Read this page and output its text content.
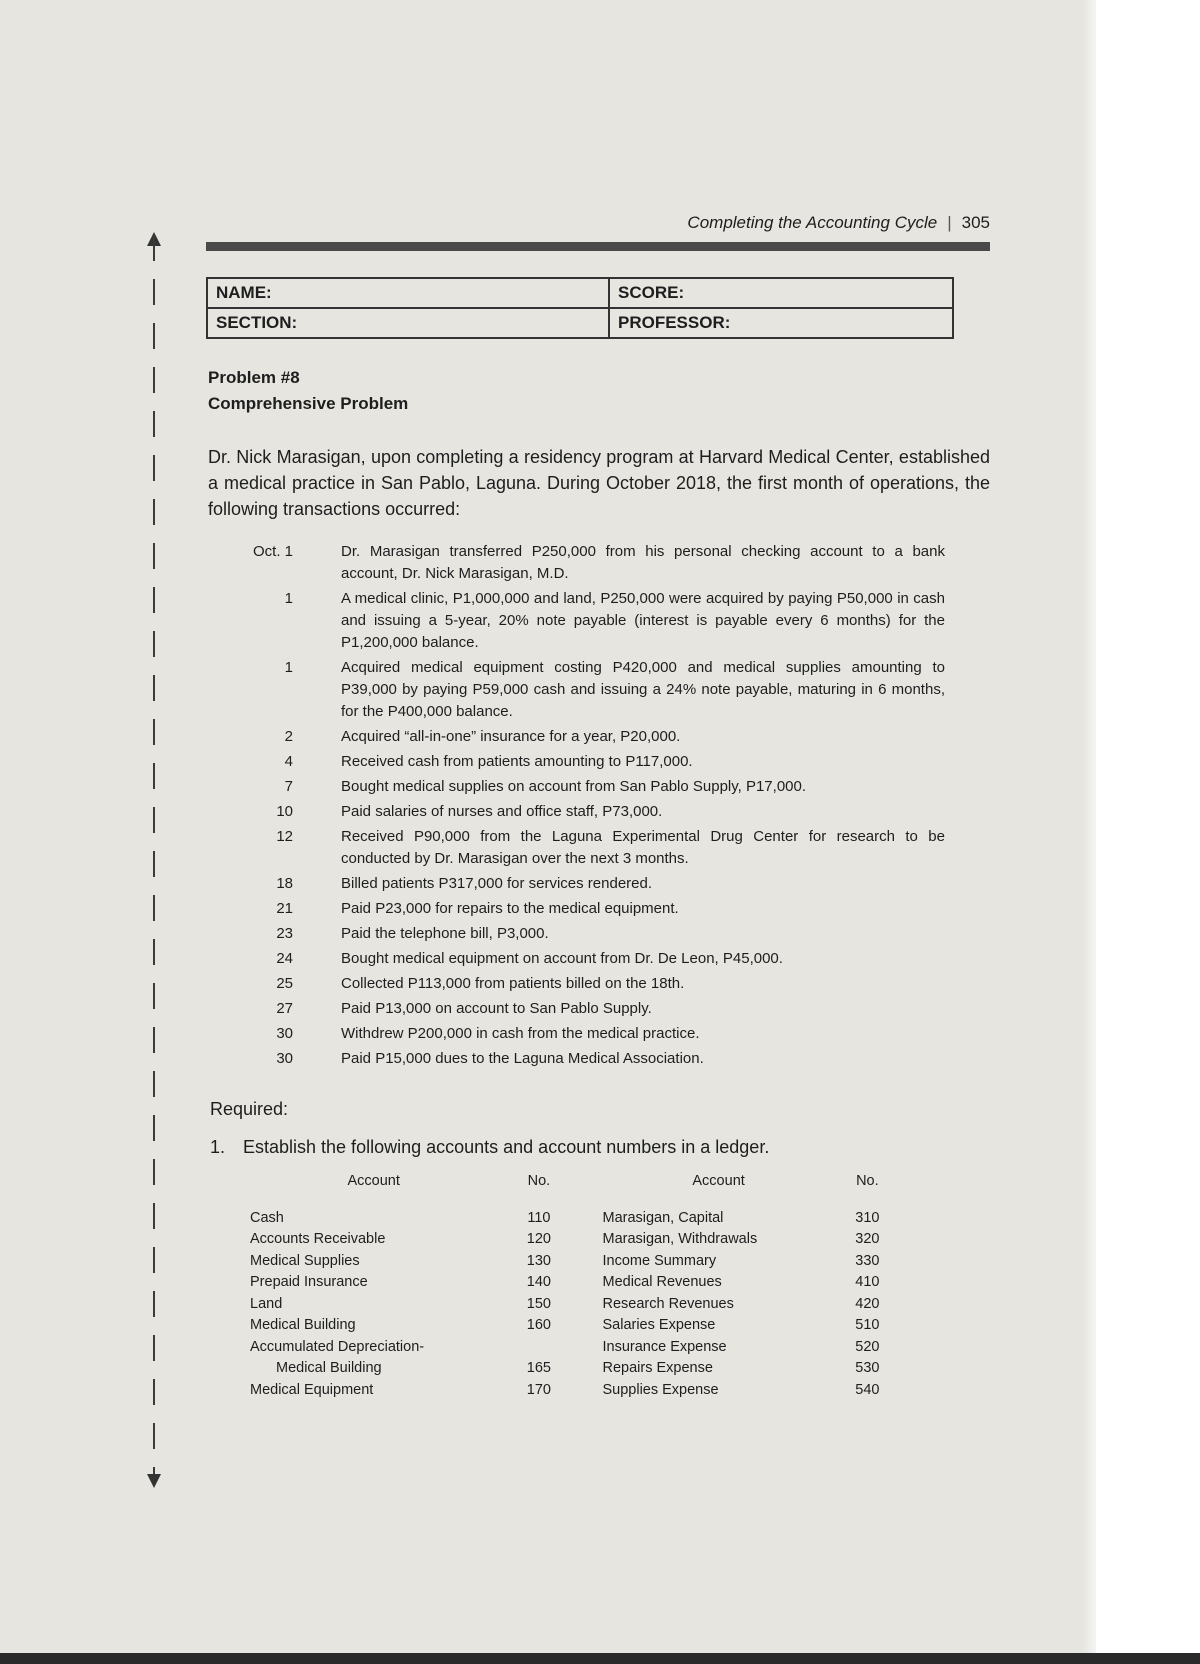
Completing the Accounting Cycle | 305
NAME:	SCORE:
SECTION:	PROFESSOR:
Problem #8
Comprehensive Problem

Dr. Nick Marasigan, upon completing a residency program at Harvard Medical Center, established a medical practice in San Pablo, Laguna. During October 2018, the first month of operations, the following transactions occurred:

Oct. 1	Dr. Marasigan transferred P250,000 from his personal checking account to a bank account, Dr. Nick Marasigan, M.D.
1	A medical clinic, P1,000,000 and land, P250,000 were acquired by paying P50,000 in cash and issuing a 5-year, 20% note payable (interest is payable every 6 months) for the P1,200,000 balance.
1	Acquired medical equipment costing P420,000 and medical supplies amounting to P39,000 by paying P59,000 cash and issuing a 24% note payable, maturing in 6 months, for the P400,000 balance.
2	Acquired “all-in-one” insurance for a year, P20,000.
4	Received cash from patients amounting to P117,000.
7	Bought medical supplies on account from San Pablo Supply, P17,000.
10	Paid salaries of nurses and office staff, P73,000.
12	Received P90,000 from the Laguna Experimental Drug Center for research to be conducted by Dr. Marasigan over the next 3 months.
18	Billed patients P317,000 for services rendered.
21	Paid P23,000 for repairs to the medical equipment.
23	Paid the telephone bill, P3,000.
24	Bought medical equipment on account from Dr. De Leon, P45,000.
25	Collected P113,000 from patients billed on the 18th.
27	Paid P13,000 on account to San Pablo Supply.
30	Withdrew P200,000 in cash from the medical practice.
30	Paid P15,000 dues to the Laguna Medical Association.
Required:
1. Establish the following accounts and account numbers in a ledger.
Account	No.	Account	No.
Cash	110	Marasigan, Capital	310
Accounts Receivable	120	Marasigan, Withdrawals	320
Medical Supplies	130	Income Summary	330
Prepaid Insurance	140	Medical Revenues	410
Land	150	Research Revenues	420
Medical Building	160	Salaries Expense	510
Accumulated Depreciation-		Insurance Expense	520
Medical Building	165	Repairs Expense	530
Medical Equipment	170	Supplies Expense	540
